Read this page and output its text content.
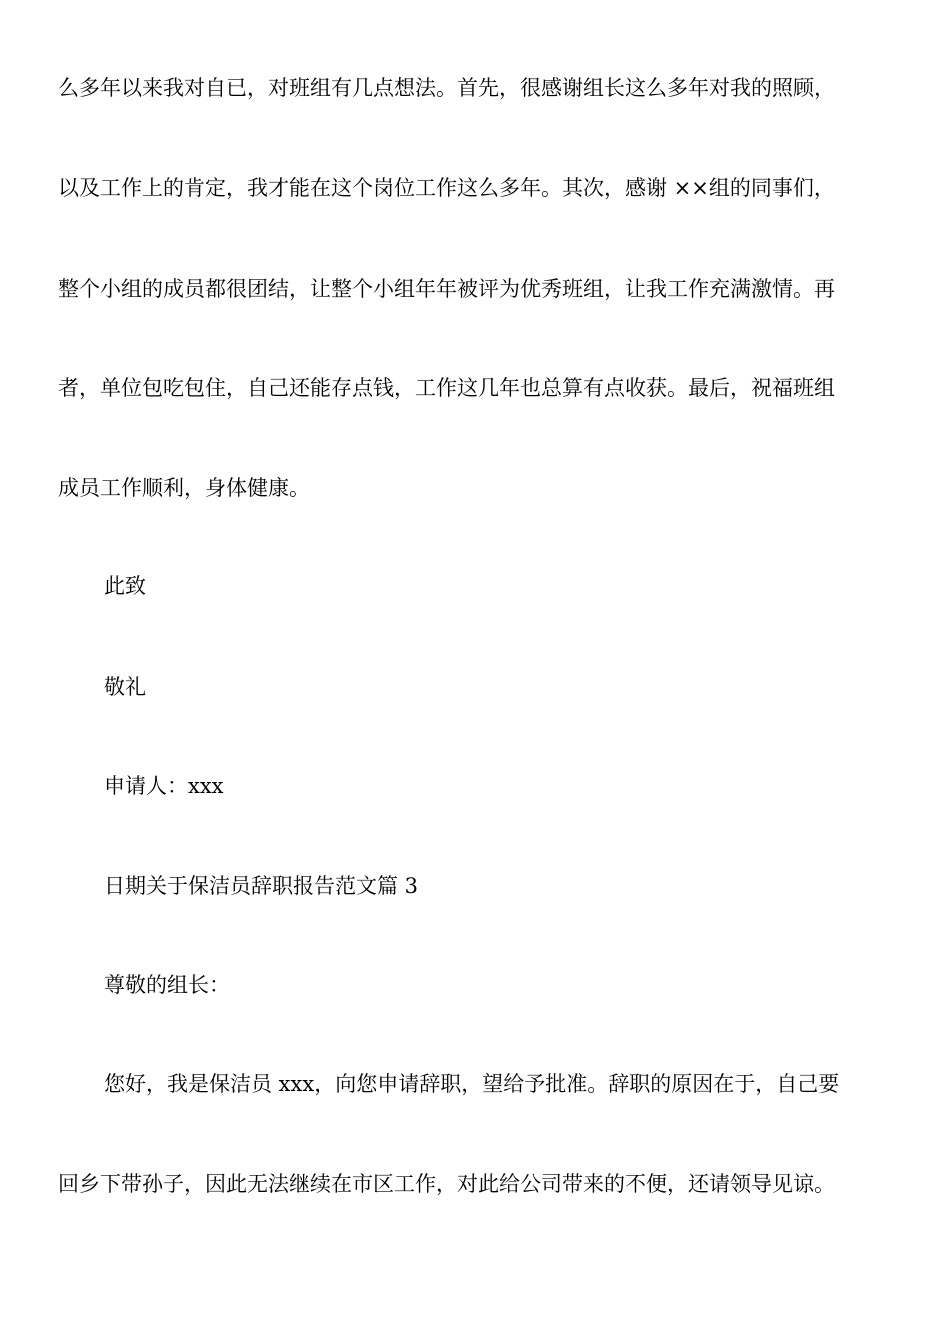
么多年以来我对自已，对班组有几点想法。首先，很感谢组长这么多年对我的照顾，
以及工作上的肯定，我才能在这个岗位工作这么多年。其次，感谢 ××组的同事们，
整个小组的成员都很团结，让整个小组年年被评为优秀班组，让我工作充满激情。再
者，单位包吃包住，自己还能存点钱，工作这几年也总算有点收获。最后，祝福班组
成员工作顺利，身体健康。
此致
敬礼
申请人：xxx
日期关于保洁员辞职报告范文篇 3
尊敬的组长：
您好，我是保洁员 xxx，向您申请辞职，望给予批准。辞职的原因在于，自己要
回乡下带孙子，因此无法继续在市区工作，对此给公司带来的不便，还请领导见谅。
